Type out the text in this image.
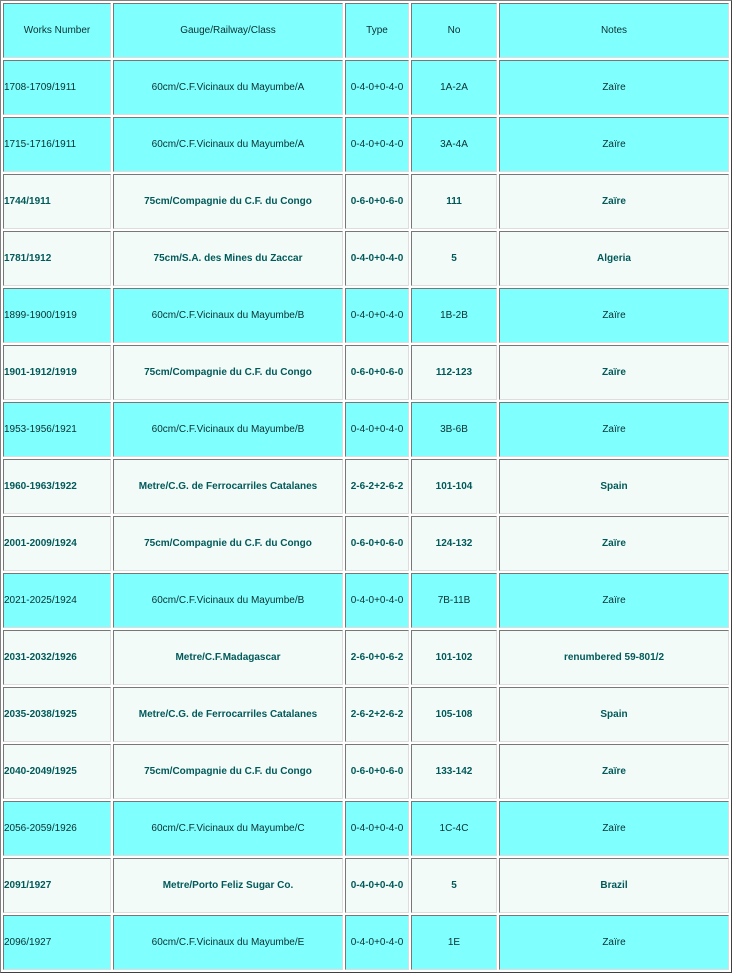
Works Number	Gauge/Railway/Class	Type	No	Notes
1708-1709/1911	60cm/C.F.Vicinaux du Mayumbe/A	0-4-0+0-4-0	1A-2A	Zaïre
1715-1716/1911	60cm/C.F.Vicinaux du Mayumbe/A	0-4-0+0-4-0	3A-4A	Zaïre
1744/1911	75cm/Compagnie du C.F. du Congo	0-6-0+0-6-0	111	Zaïre
1781/1912	75cm/S.A. des Mines du Zaccar	0-4-0+0-4-0	5	Algeria
1899-1900/1919	60cm/C.F.Vicinaux du Mayumbe/B	0-4-0+0-4-0	1B-2B	Zaïre
1901-1912/1919	75cm/Compagnie du C.F. du Congo	0-6-0+0-6-0	112-123	Zaïre
1953-1956/1921	60cm/C.F.Vicinaux du Mayumbe/B	0-4-0+0-4-0	3B-6B	Zaïre
1960-1963/1922	Metre/C.G. de Ferrocarriles Catalanes	2-6-2+2-6-2	101-104	Spain
2001-2009/1924	75cm/Compagnie du C.F. du Congo	0-6-0+0-6-0	124-132	Zaïre
2021-2025/1924	60cm/C.F.Vicinaux du Mayumbe/B	0-4-0+0-4-0	7B-11B	Zaïre
2031-2032/1926	Metre/C.F.Madagascar	2-6-0+0-6-2	101-102	renumbered 59-801/2
2035-2038/1925	Metre/C.G. de Ferrocarriles Catalanes	2-6-2+2-6-2	105-108	Spain
2040-2049/1925	75cm/Compagnie du C.F. du Congo	0-6-0+0-6-0	133-142	Zaïre
2056-2059/1926	60cm/C.F.Vicinaux du Mayumbe/C	0-4-0+0-4-0	1C-4C	Zaïre
2091/1927	Metre/Porto Feliz Sugar Co.	0-4-0+0-4-0	5	Brazil
2096/1927	60cm/C.F.Vicinaux du Mayumbe/E	0-4-0+0-4-0	1E	Zaïre
